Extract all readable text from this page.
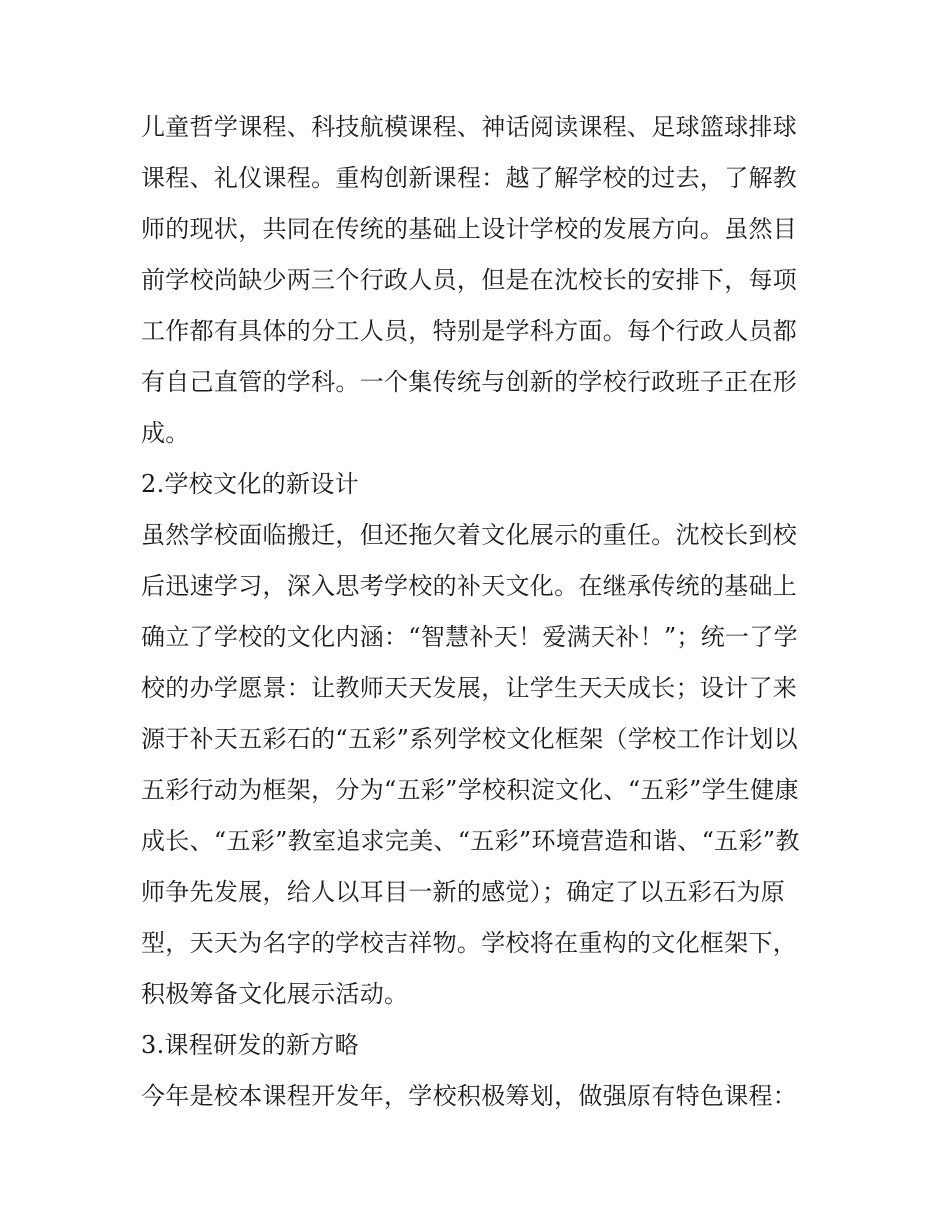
儿童哲学课程、科技航模课程、神话阅读课程、足球篮球排球
课程、礼仪课程。重构创新课程：越了解学校的过去，了解教
师的现状，共同在传统的基础上设计学校的发展方向。虽然目
前学校尚缺少两三个行政人员，但是在沈校长的安排下，每项
工作都有具体的分工人员，特别是学科方面。每个行政人员都
有自己直管的学科。一个集传统与创新的学校行政班子正在形
成。
2.学校文化的新设计
虽然学校面临搬迁，但还拖欠着文化展示的重任。沈校长到校
后迅速学习，深入思考学校的补天文化。在继承传统的基础上
确立了学校的文化内涵：“智慧补天！爱满天补！”；统一了学
校的办学愿景：让教师天天发展，让学生天天成长；设计了来
源于补天五彩石的“五彩”系列学校文化框架（学校工作计划以
五彩行动为框架，分为“五彩”学校积淀文化、“五彩”学生健康
成长、“五彩”教室追求完美、“五彩”环境营造和谐、“五彩”教
师争先发展，给人以耳目一新的感觉）；确定了以五彩石为原
型，天天为名字的学校吉祥物。学校将在重构的文化框架下，
积极筹备文化展示活动。
3.课程研发的新方略
今年是校本课程开发年，学校积极筹划，做强原有特色课程：
